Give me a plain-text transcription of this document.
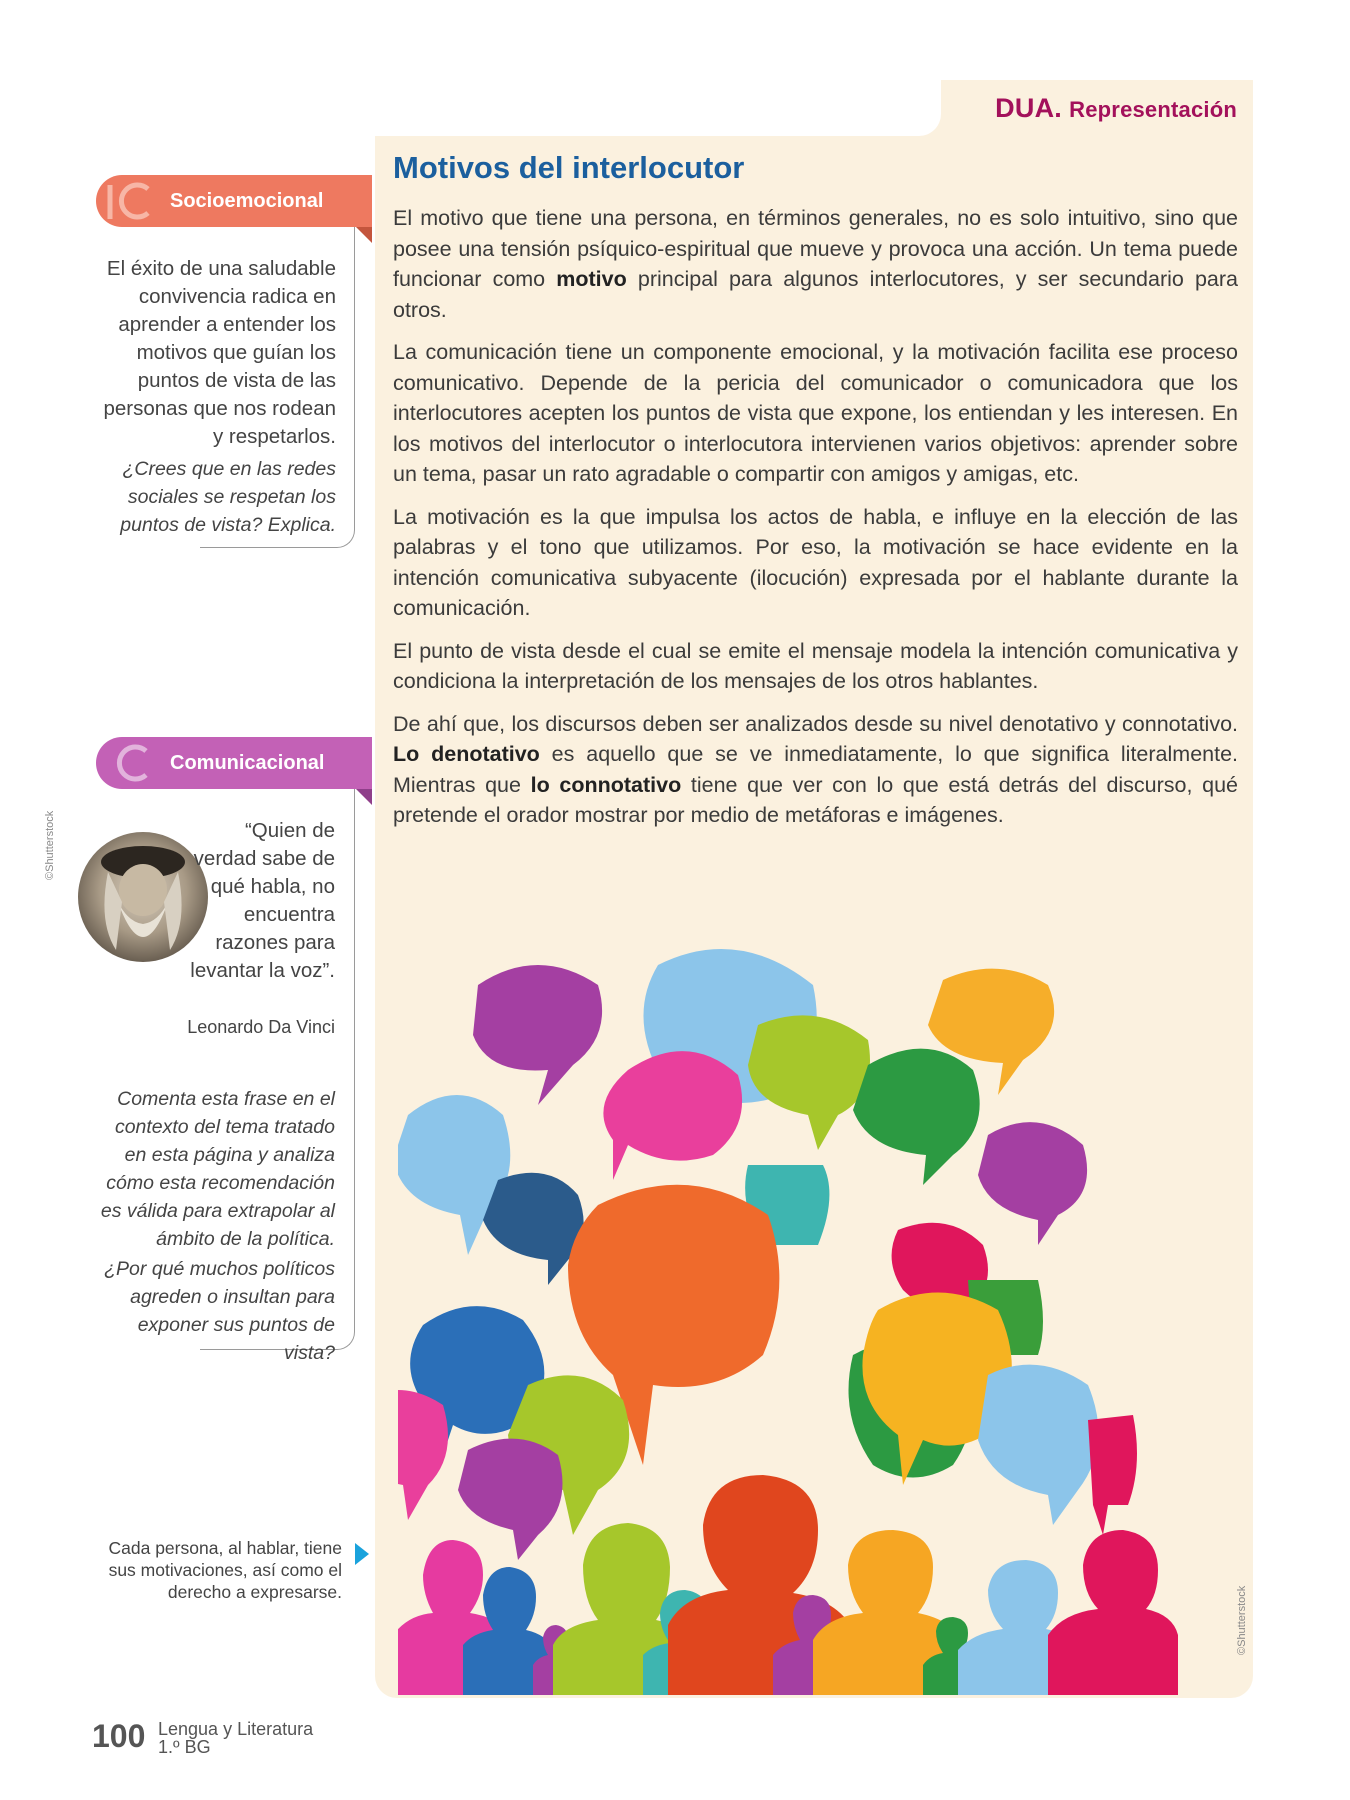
DUA. Representación
Motivos del interlocutor

El motivo que tiene una persona, en términos generales, no es solo intuitivo, sino que posee una tensión psíquico-espiritual que mueve y provoca una acción. Un tema puede funcionar como motivo principal para algunos interlocutores, y ser secundario para otros.

La comunicación tiene un componente emocional, y la motivación facilita ese proceso comunicativo. Depende de la pericia del comunicador o comunicadora que los interlocutores acepten los puntos de vista que expone, los entiendan y les interesen. En los motivos del interlocutor o interlocutora intervienen varios objetivos: aprender sobre un tema, pasar un rato agradable o compartir con amigos y amigas, etc.

La motivación es la que impulsa los actos de habla, e influye en la elección de las palabras y el tono que utilizamos. Por eso, la motivación se hace evidente en la intención comunicativa subyacente (ilocución) expresada por el hablante durante la comunicación.

El punto de vista desde el cual se emite el mensaje modela la intención comunicativa y condiciona la interpretación de los mensajes de los otros hablantes.

De ahí que, los discursos deben ser analizados desde su nivel denotativo y connotativo. Lo denotativo es aquello que se ve inmediatamente, lo que significa literalmente. Mientras que lo connotativo tiene que ver con lo que está detrás del discurso, qué pretende el orador mostrar por medio de metáforas e imágenes.

Socioemocional
El éxito de una saludable convivencia radica en aprender a entender los motivos que guían los puntos de vista de las personas que nos rodean y respetarlos.
¿Crees que en las redes sociales se respetan los puntos de vista? Explica.
Comunicacional
©Shutterstock	“Quien de verdad sabe de qué habla, no encuentra razones para levantar la voz”.
Leonardo Da Vinci
Comenta esta frase en el contexto del tema tratado en esta página y analiza cómo esta recomendación es válida para extrapolar al ámbito de la política.
¿Por qué muchos políticos agreden o insultan para exponer sus puntos de vista?
Cada persona, al hablar, tiene sus motivaciones, así como el derecho a expresarse.	©Shutterstock
100 Lengua y Literatura
1.º BG
